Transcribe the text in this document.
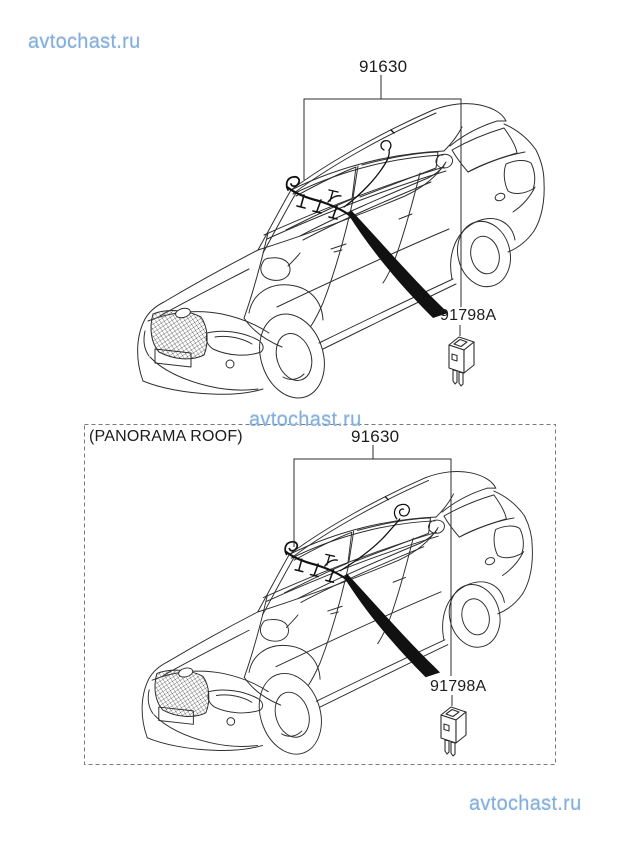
avtochast.ru
avtochast.ru
avtochast.ru
91630
91798A
(PANORAMA ROOF)	91630
91798A
